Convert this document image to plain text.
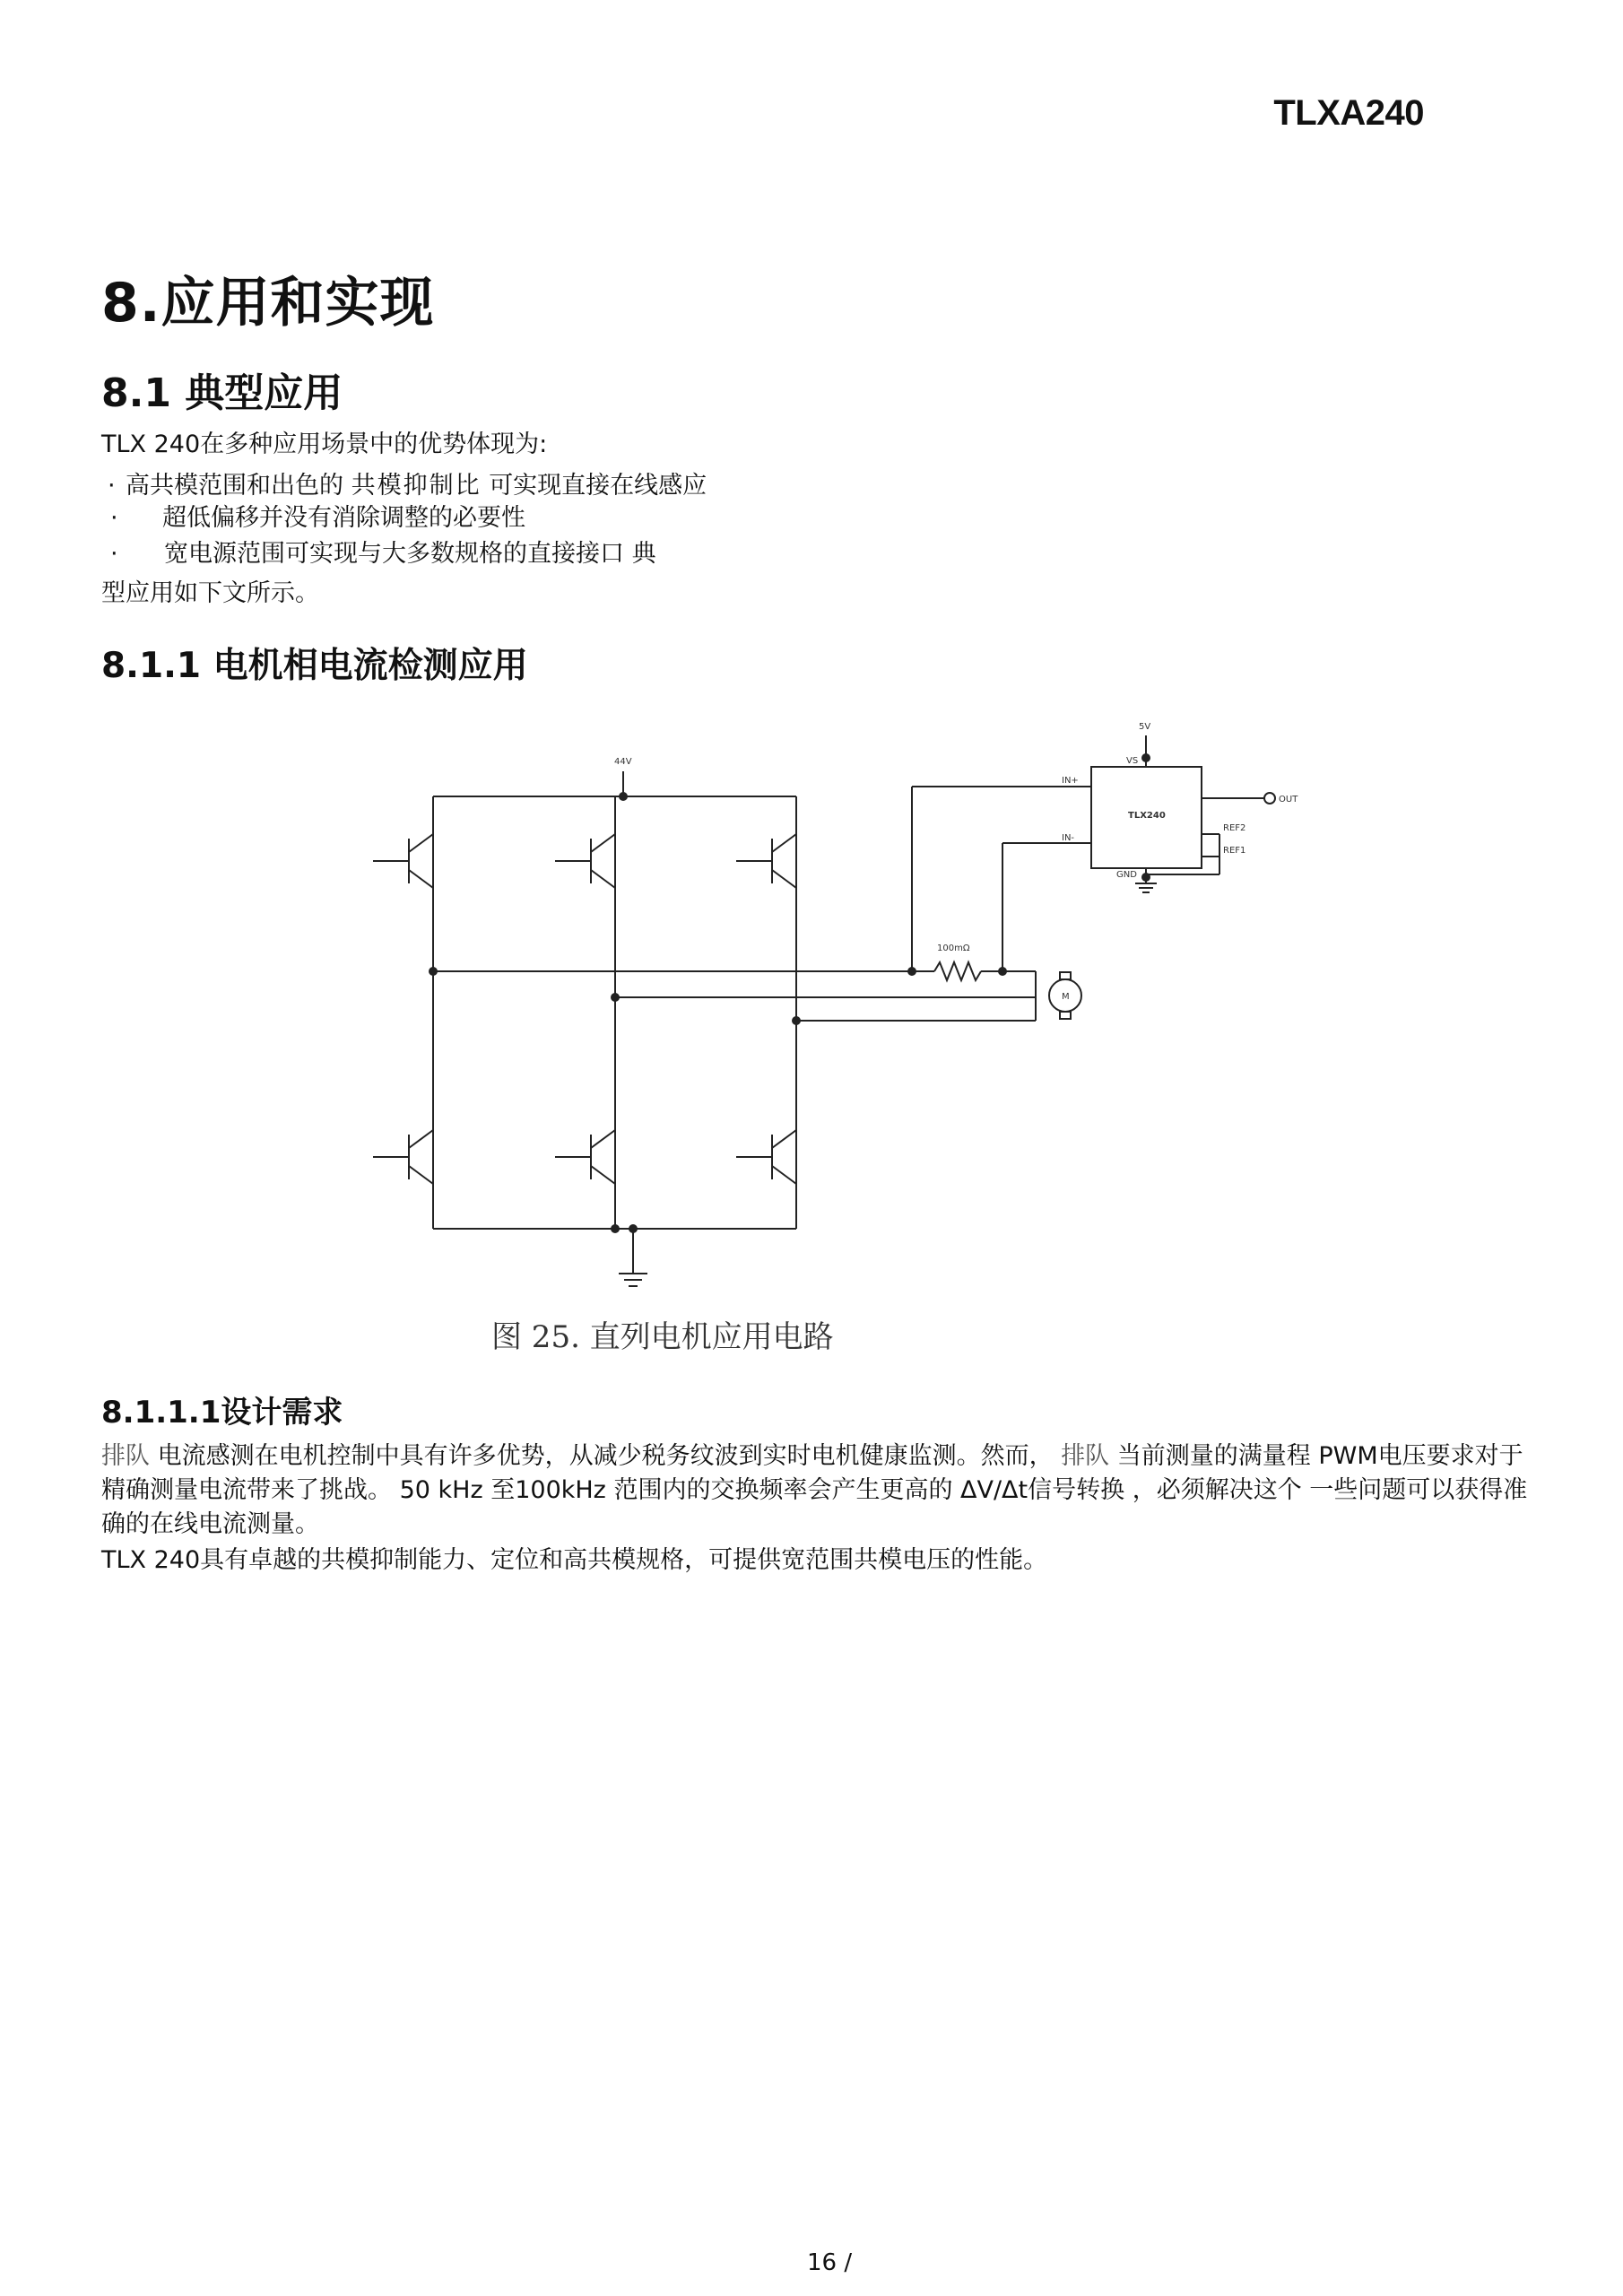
TLXA240
8.应用和实现
8.1 典型应用
TLX 240在多种应用场景中的优势体现为:
· 高共模范围和出色的 共模抑制比 可实现直接在线感应
· 超低偏移并没有消除调整的必要性
· 宽电源范围可实现与大多数规格的直接接口 典
型应用如下文所示。
8.1.1 电机相电流检测应用
44V
5V
VS
IN+
IN-
TLX240
REF2
REF1
OUT
GND
100mΩ
M
图 25. 直列电机应用电路
8.1.1.1设计需求
排队 电流感测在电机控制中具有许多优势，从减少税务纹波到实时电机健康监测。然而， 排队 当前测量的满量程 PWM电压要求对于精确测量电流带来了挑战。 50 kHz 至100kHz 范围内的交换频率会产生更高的 ΔV/Δt信号转换 ，必须解决这个 一些问题可以获得准确的在线电流测量。
TLX 240具有卓越的共模抑制能力、定位和高共模规格，可提供宽范围共模电压的性能。
16 /
